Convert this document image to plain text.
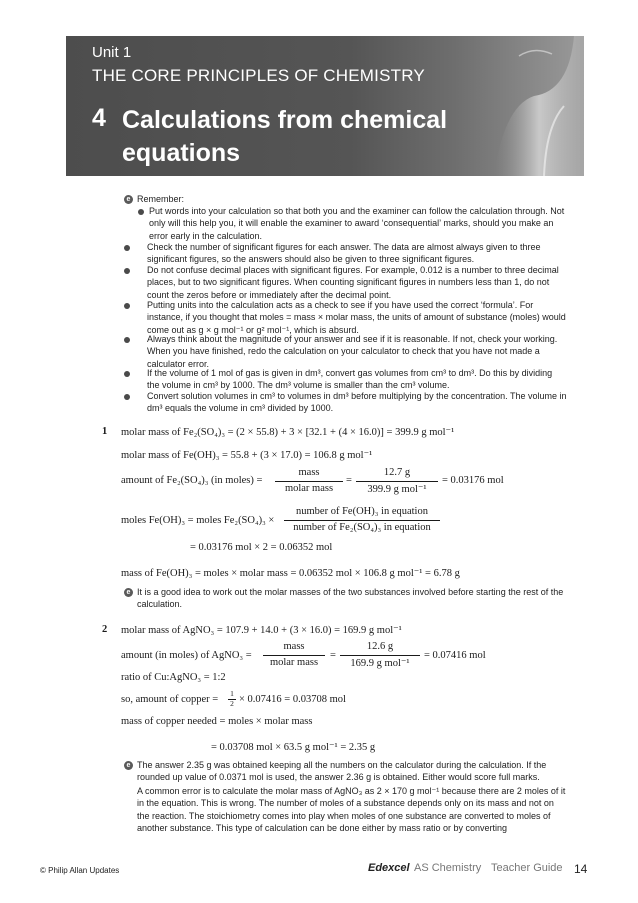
Unit 1
THE CORE PRINCIPLES OF CHEMISTRY
4 Calculations from chemical equations
e Remember:
Put words into your calculation so that both you and the examiner can follow the calculation through. Not only will this help you, it will enable the examiner to award ‘consequential’ marks, should you make an error early in the calculation.
Check the number of significant figures for each answer. The data are almost always given to three significant figures, so the answers should also be given to three significant figures.
Do not confuse decimal places with significant figures. For example, 0.012 is a number to three decimal places, but to two significant figures. When counting significant figures in numbers less than 1, do not count the zeros before or immediately after the decimal point.
Putting units into the calculation acts as a check to see if you have used the correct ‘formula’. For instance, if you thought that moles = mass × molar mass, the units of amount of substance (moles) would come out as g × g mol⁻¹ or g² mol⁻¹, which is absurd.
Always think about the magnitude of your answer and see if it is reasonable. If not, check your working. When you have finished, redo the calculation on your calculator to check that you have not made a calculator error.
If the volume of 1 mol of gas is given in dm³, convert gas volumes from cm³ to dm³. Do this by dividing the volume in cm³ by 1000. The dm³ volume is smaller than the cm³ volume.
Convert solution volumes in cm³ to volumes in dm³ before multiplying by the concentration. The volume in dm³ equals the volume in cm³ divided by 1000.
1 molar mass of Fe₂(SO₄)₃ = (2 × 55.8) + 3 × [32.1 + (4 × 16.0)] = 399.9 g mol⁻¹
molar mass of Fe(OH)₃ = 55.8 + (3 × 17.0) = 106.8 g mol⁻¹
amount of Fe₂(SO₄)₃ (in moles) =
mass
molar mass
=
12.7 g
399.9 g mol⁻¹
= 0.03176 mol
moles Fe(OH)₃ = moles Fe₂(SO₄)₃ ×
number of Fe(OH)₃ in equation
number of Fe₂(SO₄)₃ in equation
= 0.03176 mol × 2 = 0.06352 mol
mass of Fe(OH)₃ = moles × molar mass = 0.06352 mol × 106.8 g mol⁻¹ = 6.78 g
e It is a good idea to work out the molar masses of the two substances involved before starting the rest of the calculation.
2 molar mass of AgNO₃ = 107.9 + 14.0 + (3 × 16.0) = 169.9 g mol⁻¹
amount (in moles) of AgNO₃ =
mass
molar mass
=
12.6 g
169.9 g mol⁻¹
= 0.07416 mol
ratio of Cu:AgNO₃ = 1:2
so, amount of copper =
1
2 × 0.07416 = 0.03708 mol
mass of copper needed = moles × molar mass
= 0.03708 mol × 63.5 g mol⁻¹ = 2.35 g
e The answer 2.35 g was obtained keeping all the numbers on the calculator during the calculation. If the rounded up value of 0.0371 mol is used, the answer 2.36 g is obtained. Either would score full marks.
A common error is to calculate the molar mass of AgNO₃ as 2 × 170 g mol⁻¹ because there are 2 moles of it in the equation. This is wrong. The number of moles of a substance depends only on its mass and not on the reaction. The stoichiometry comes into play when moles of one substance are converted to moles of another substance. This type of calculation can be done either by mass ratio or by converting
© Philip Allan Updates	Edexcel AS Chemistry Teacher Guide 14
